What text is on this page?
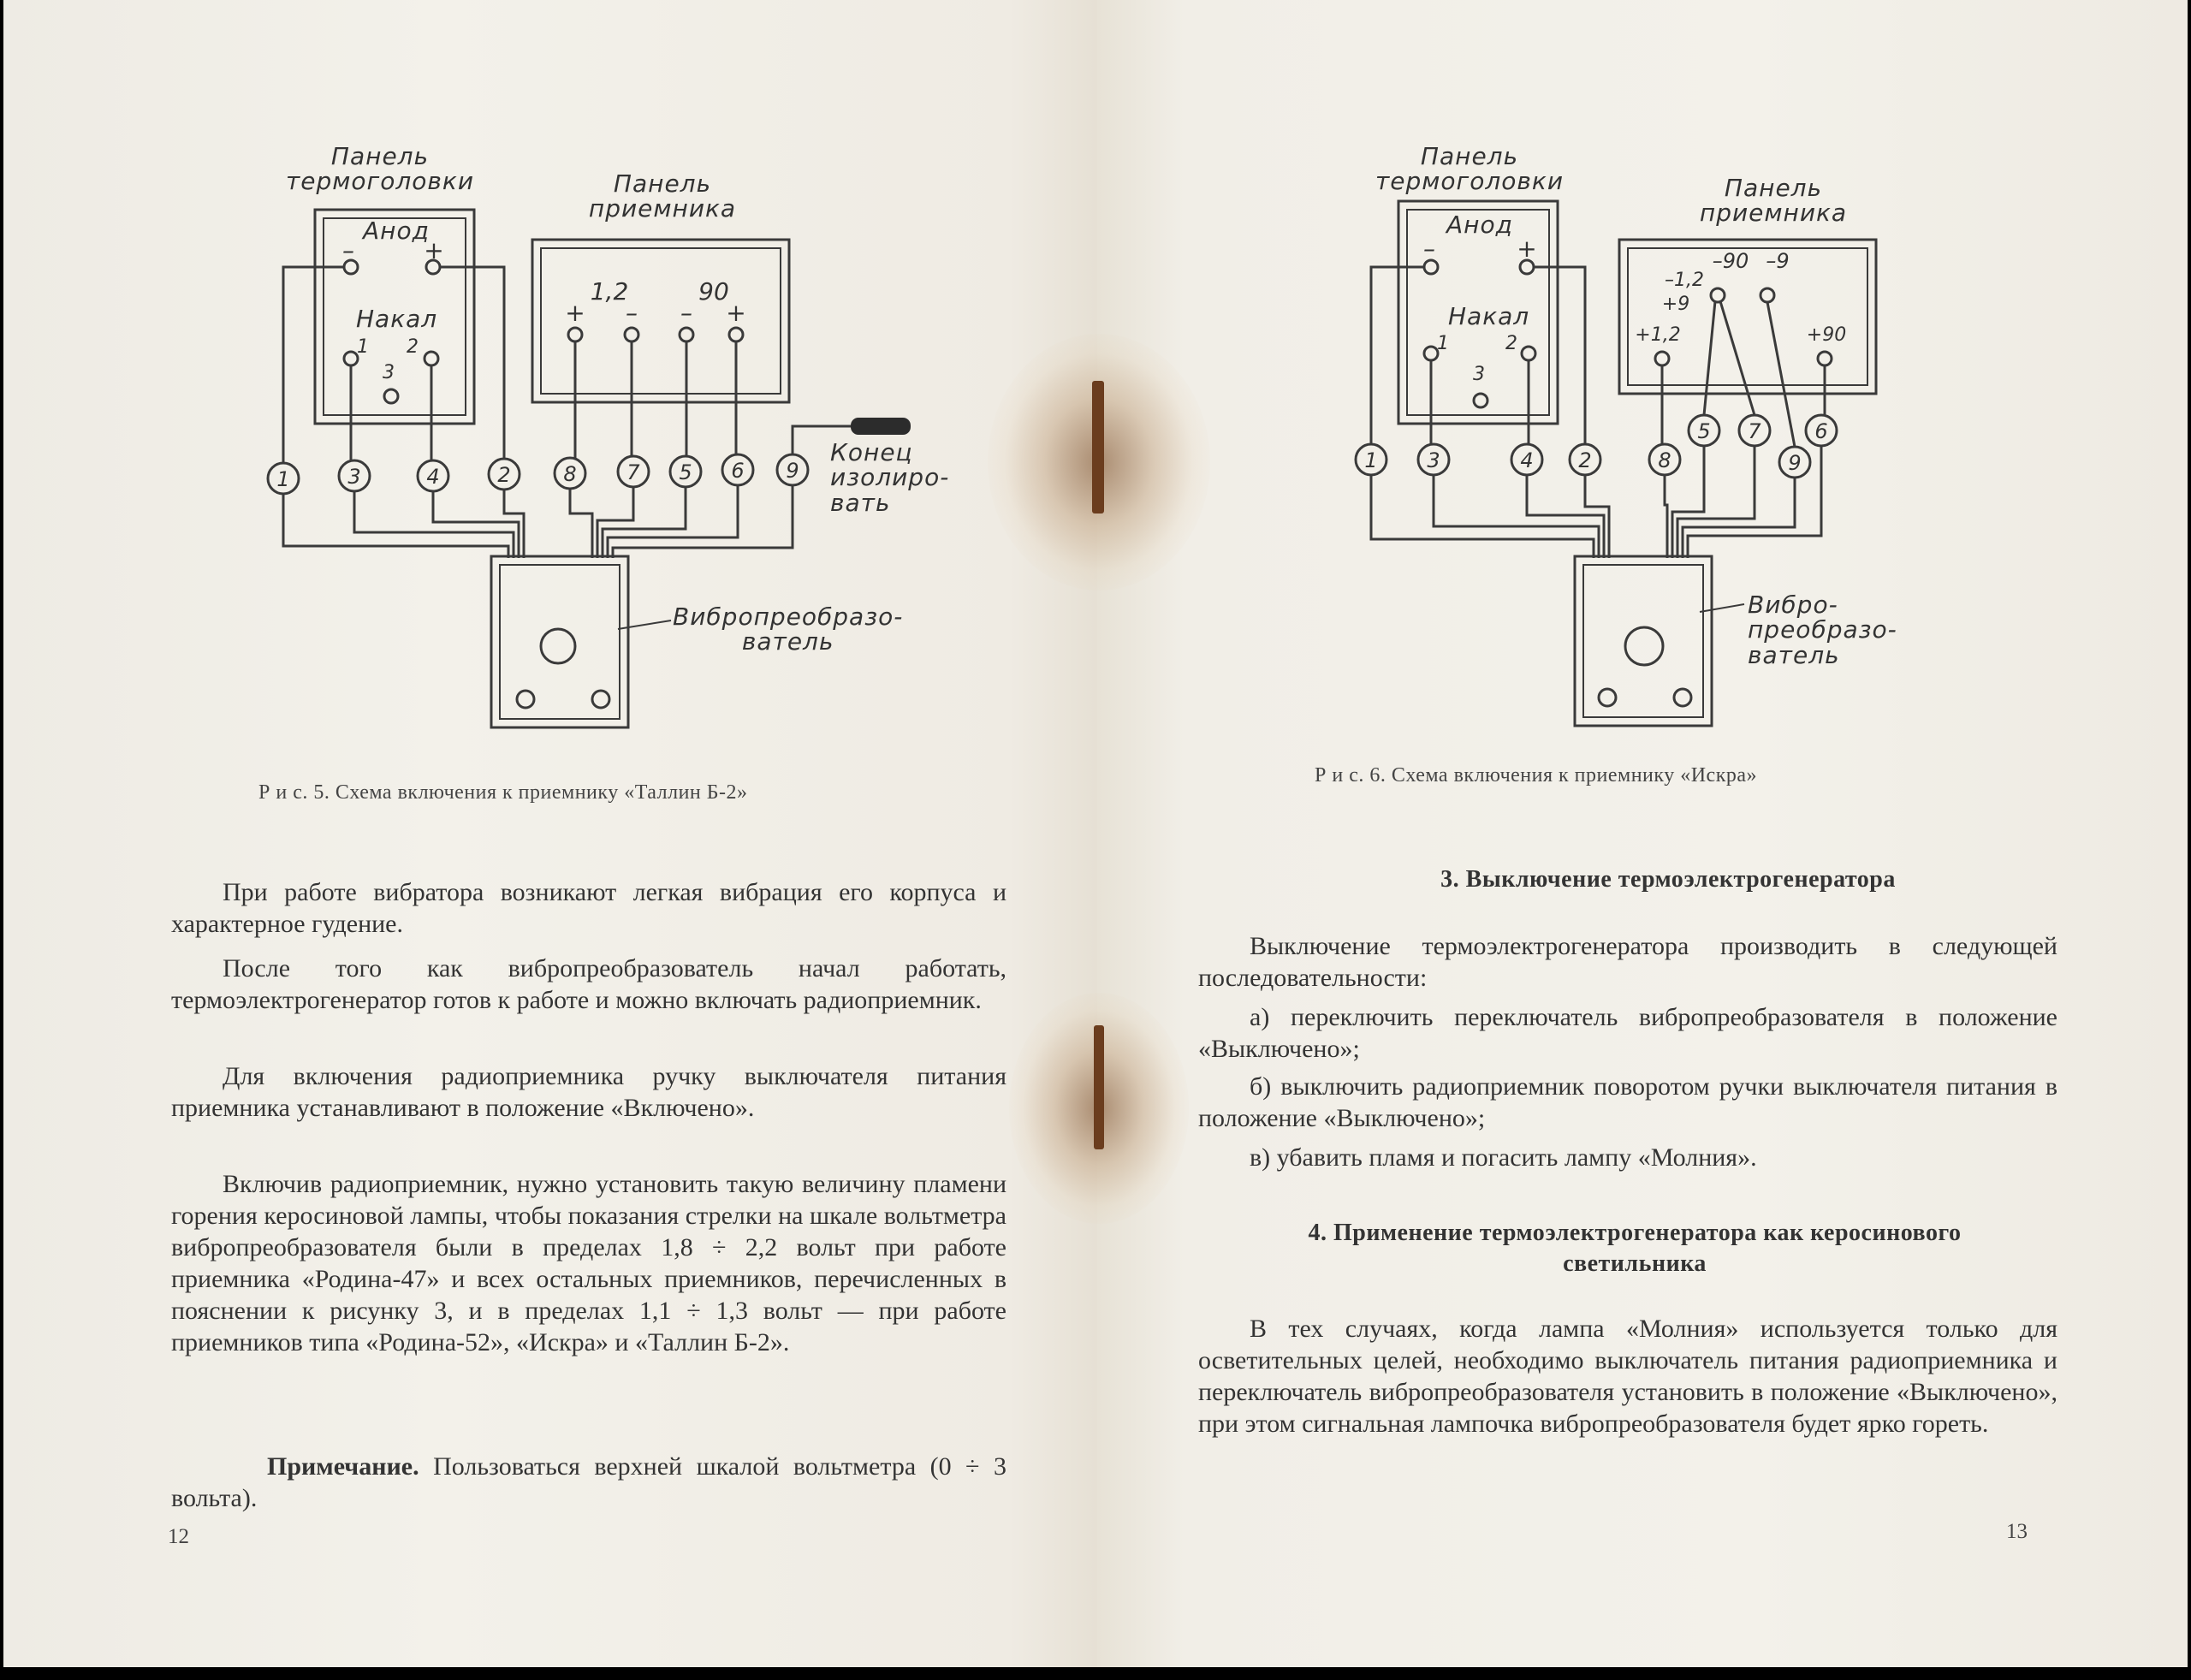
1	3	4	2	8 7 5 6 9
–	+
1 2
3
1,2	90
+ – – +
Панель
термоголовки	Панель
приемника
Анод
Накал
Конец
изолиро-
вать
Вибропреобразо-
ватель
Р и с. 5. Схема включения к приемнику «Таллин Б-2»

При работе вибратора возникают легкая вибрация его корпуса и характерное гудение.

После того как вибропреобразователь начал работать, термоэлектрогенератор готов к работе и можно включать радиоприемник.

Для включения радиоприемника ручку выключателя питания приемника устанавливают в положение «Включено».

Включив радиоприемник, нужно установить такую величину пламени горения керосиновой лампы, чтобы показания стрелки на шкале вольтметра вибропреобразователя были в пределах 1,8 ÷ 2,2 вольт при работе приемника «Родина-47» и всех остальных приемников, перечисленных в пояснении к рисунку 3, и в пределах 1,1 ÷ 1,3 вольт — при работе приемников типа «Родина-52», «Искра» и «Таллин Б-2».

Примечание. Пользоваться верхней шкалой вольтметра (0 ÷ 3 вольта).

12
1 3	4 2	8
5 7
9
6
–	+
1	2
3
–90 –9
–1,2
+9
+1,2	+90
Панель
термоголовки	Панель
приемника
Анод
Накал
Вибро-
преобразо-
ватель
Р и с. 6. Схема включения к приемнику «Искра»
3. Выключение термоэлектрогенератора

Выключение термоэлектрогенератора производить в следующей последовательности:

а) переключить переключатель вибропреобразователя в положение «Выключено»;

б) выключить радиоприемник поворотом ручки выключателя питания в положение «Выключено»;

в) убавить пламя и погасить лампу «Молния».

4. Применение термоэлектрогенератора как керосинового
светильника

В тех случаях, когда лампа «Молния» используется только для осветительных целей, необходимо выключатель питания радиоприемника и переключатель вибропреобразователя установить в положение «Выключено», при этом сигнальная лампочка вибропреобразователя будет ярко гореть.

13
